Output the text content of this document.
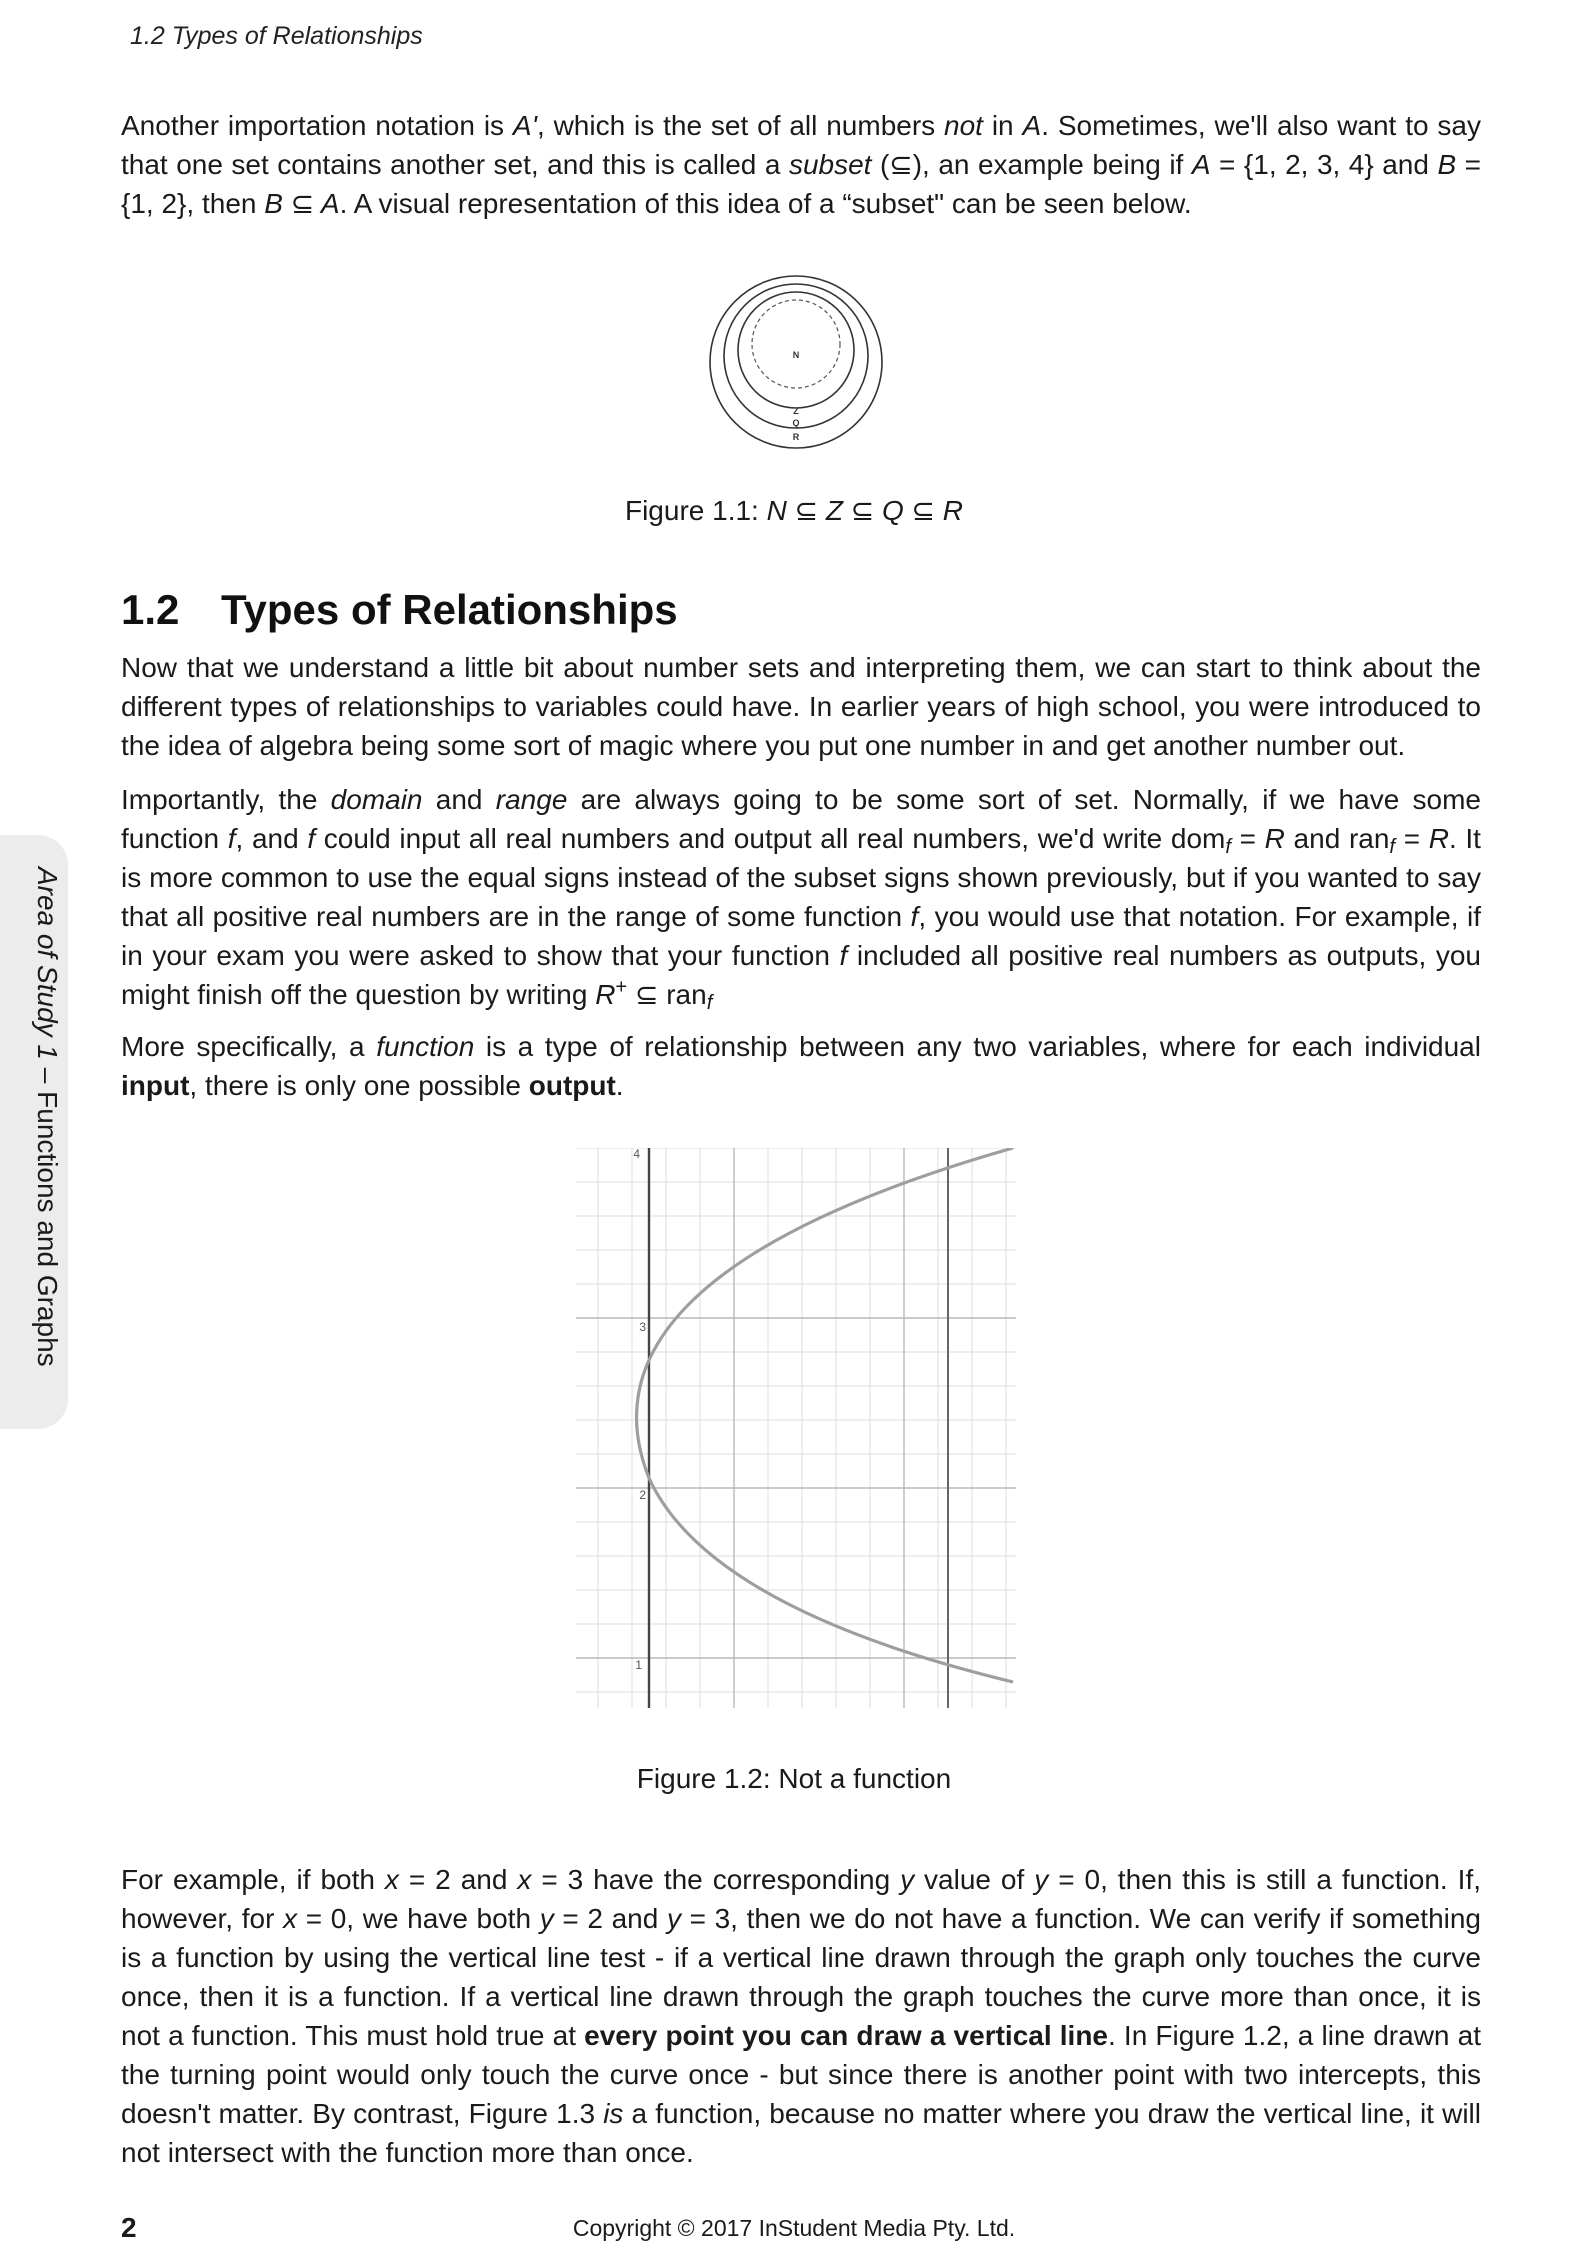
1.2 Types of Relationships

Another importation notation is A', which is the set of all numbers not in A. Sometimes, we'll also want to say that one set contains another set, and this is called a subset (⊆), an example being if A = {1, 2, 3, 4} and B = {1, 2}, then B ⊆ A. A visual representation of this idea of a “subset" can be seen below.

N
Z
Q
R
Figure 1.1: N ⊆ Z ⊆ Q ⊆ R
1.2 Types of Relationships

Now that we understand a little bit about number sets and interpreting them, we can start to think about the different types of relationships to variables could have. In earlier years of high school, you were introduced to the idea of algebra being some sort of magic where you put one number in and get another number out.

Importantly, the domain and range are always going to be some sort of set. Normally, if we have some function f, and f could input all real numbers and output all real numbers, we'd write dom$_f$ = R and ran$_f$ = R. It is more common to use the equal signs instead of the subset signs shown previously, but if you wanted to say that all positive real numbers are in the range of some function f, you would use that notation. For example, if in your exam you were asked to show that your function f included all positive real numbers as outputs, you might finish off the question by writing R+ ⊆ ran$_f$

More specifically, a function is a type of relationship between any two variables, where for each individual input, there is only one possible output.

4
3
2
1
Figure 1.2: Not a function

For example, if both x = 2 and x = 3 have the corresponding y value of y = 0, then this is still a function. If, however, for x = 0, we have both y = 2 and y = 3, then we do not have a function. We can verify if something is a function by using the vertical line test - if a vertical line drawn through the graph only touches the curve once, then it is a function. If a vertical line drawn through the graph touches the curve more than once, it is not a function. This must hold true at every point you can draw a vertical line. In Figure 1.2, a line drawn at the turning point would only touch the curve once - but since there is another point with two intercepts, this doesn't matter. By contrast, Figure 1.3 is a function, because no matter where you draw the vertical line, it will not intersect with the function more than once.

Area of Study 1 – Functions and Graphs
2	Copyright © 2017 InStudent Media Pty. Ltd.
